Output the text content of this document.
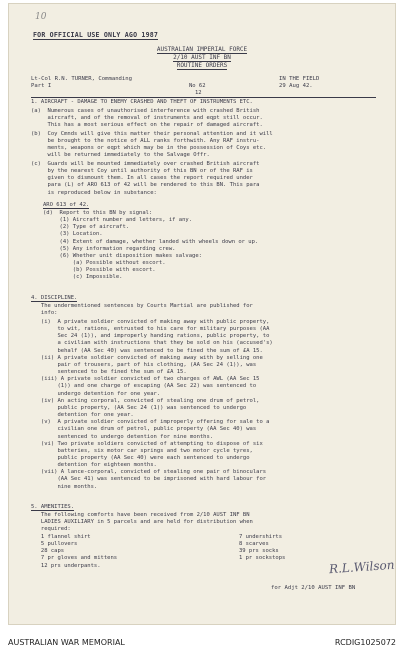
10
FOR OFFICIAL USE ONLY AGO 1987
AUSTRALIAN IMPERIAL FORCE
2/10 AUST INF BN
ROUTINE ORDERS
Lt-Col R.N. TURNER, Commanding
Part I	No 62
IN THE FIELD
29 Aug 42.
12
1. AIRCRAFT - DAMAGE TO ENEMY CRASHED AND THEFT OF INSTRUMENTS ETC.
(a)  Numerous cases of unauthorised interference with crashed British
aircraft, and of the removal of instruments and eqpt still occur.
This has a most serious effect on the repair of damaged aircraft.
(b)  Coy Cmnds will give this matter their personal attention and it will
be brought to the notice of ALL ranks forthwith. Any RAF instru-
ments, weapons or eqpt which may be in the possession of Coys etc.
will be returned immediately to the Salvage Offr.
(c)  Guards will be mounted immediately over crashed British aircraft
by the nearest Coy until authority of this BN or of the RAF is
given to dismount them. In all cases the report required under
para (L) of ARO 613 of 42 will be rendered to this BN. This para
is reproduced below in substance:
ARO 613 of 42.
(d)  Report to this BN by signal:
(1) Aircraft number and letters, if any.
(2) Type of aircraft.
(3) Location.
(4) Extent of damage, whether landed with wheels down or up.
(5) Any information regarding crew.
(6) Whether unit disposition makes salvage:
(a) Possible without escort.
(b) Possible with escort.
(c) Impossible.
4. DISCIPLINE.
The undermentioned sentences by Courts Martial are published for
info:
(i)  A private soldier convicted of making away with public property,
to wit, rations, entrusted to his care for military purposes (AA
Sec 24 (1)), and improperly handing rations, public property, to
a civilian with instructions that they be sold on his (accused's)
behalf (AA Sec 40) was sentenced to be fined the sum of £A 15.
(ii) A private soldier convicted of making away with by selling one
pair of trousers, part of his clothing, (AA Sec 24 (1)), was
sentenced to be fined the sum of £A 15.
(iii) A private soldier convicted of two charges of AWL (AA Sec 15
(1)) and one charge of escaping (AA Sec 22) was sentenced to
undergo detention for one year.
(iv) An acting corporal, convicted of stealing one drum of petrol,
public property, (AA Sec 24 (1)) was sentenced to undergo
detention for one year.
(v)  A private soldier convicted of improperly offering for sale to a
civilian one drum of petrol, public property (AA Sec 40) was
sentenced to undergo detention for nine months.
(vi) Two private soldiers convicted of attempting to dispose of six
batteries, six motor car springs and two motor cycle tyres,
public property (AA Sec 40) were each sentenced to undergo
detention for eighteen months.
(vii) A lance-corporal, convicted of stealing one pair of binoculars
(AA Sec 41) was sentenced to be imprisoned with hard labour for
nine months.
5. AMENITIES.
The following comforts have been received from 2/10 AUST INF BN
LADIES AUXILIARY in 5 parcels and are held for distribution when
required:
1 flannel shirt
5 pullovers
28 caps
7 pr gloves and mittens
12 prs underpants.
7 undershirts
8 scarves
39 prs socks
1 pr sockstops	R.L.Wilson
for Adjt 2/10 AUST INF BN
AUSTRALIAN WAR MEMORIAL	RCDIG1025072
